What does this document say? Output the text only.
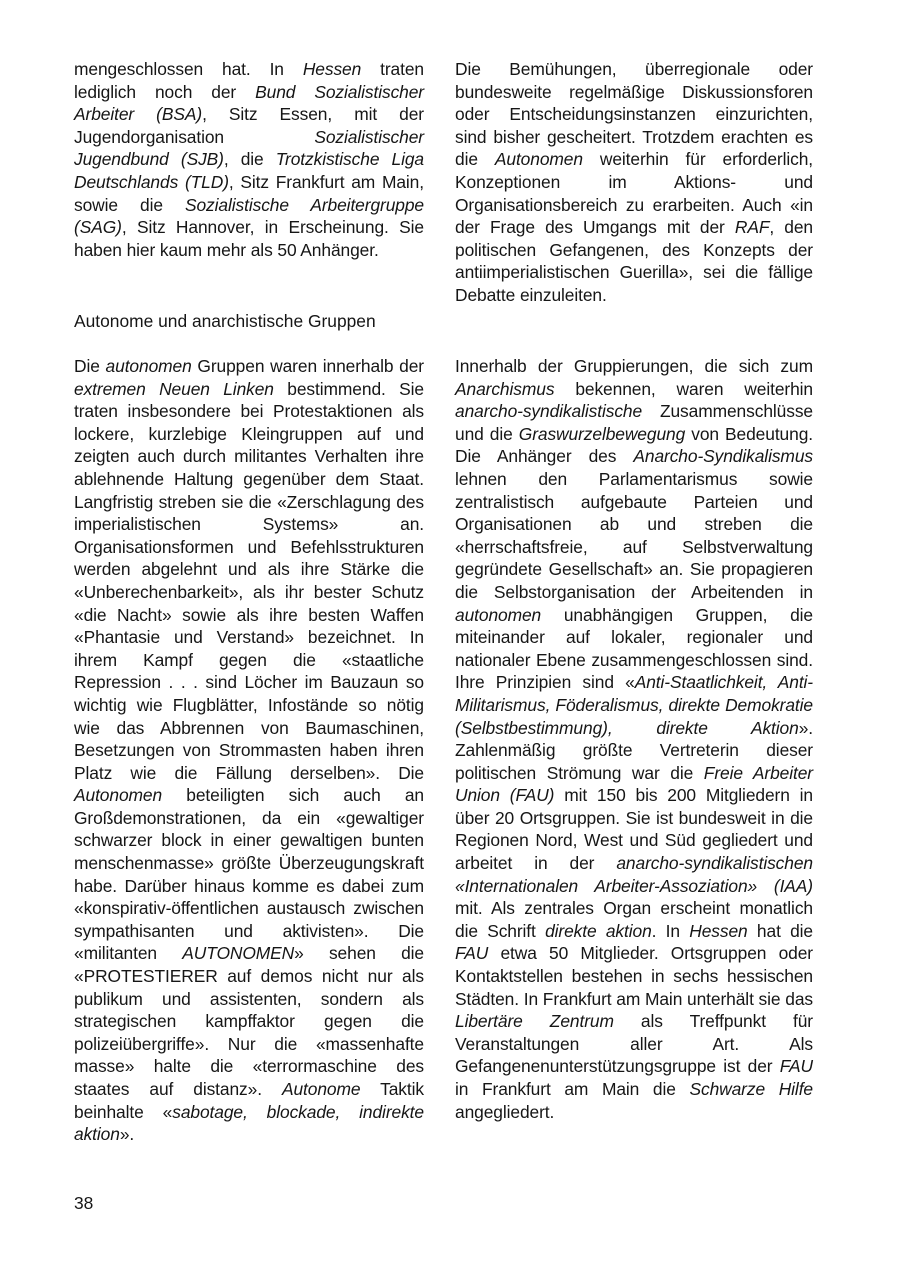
mengeschlossen hat. In Hessen traten lediglich noch der Bund Sozialistischer Arbeiter (BSA), Sitz Essen, mit der Jugendorganisation Sozialistischer Jugendbund (SJB), die Trotzkistische Liga Deutschlands (TLD), Sitz Frankfurt am Main, sowie die Sozialistische Arbeitergruppe (SAG), Sitz Hannover, in Erscheinung. Sie haben hier kaum mehr als 50 Anhänger.
Die Bemühungen, überregionale oder bundesweite regelmäßige Diskussionsforen oder Entscheidungsinstanzen einzurichten, sind bisher gescheitert. Trotzdem erachten es die Autonomen weiterhin für erforderlich, Konzeptionen im Aktions- und Organisationsbereich zu erarbeiten. Auch «in der Frage des Umgangs mit der RAF, den politischen Gefangenen, des Konzepts der antiimperialistischen Guerilla», sei die fällige Debatte einzuleiten.
Autonome und anarchistische Gruppen
Die autonomen Gruppen waren innerhalb der extremen Neuen Linken bestimmend. Sie traten insbesondere bei Protestaktionen als lockere, kurzlebige Kleingruppen auf und zeigten auch durch militantes Verhalten ihre ablehnende Haltung gegenüber dem Staat. Langfristig streben sie die «Zerschlagung des imperialistischen Systems» an. Organisationsformen und Befehlsstrukturen werden abgelehnt und als ihre Stärke die «Unberechenbarkeit», als ihr bester Schutz «die Nacht» sowie als ihre besten Waffen «Phantasie und Verstand» bezeichnet. In ihrem Kampf gegen die «staatliche Repression . . . sind Löcher im Bauzaun so wichtig wie Flugblätter, Infostände so nötig wie das Abbrennen von Baumaschinen, Besetzungen von Strommasten haben ihren Platz wie die Fällung derselben». Die Autonomen beteiligten sich auch an Großdemonstrationen, da ein «gewaltiger schwarzer block in einer gewaltigen bunten menschenmasse» größte Überzeugungskraft habe. Darüber hinaus komme es dabei zum «konspirativ-öffentlichen austausch zwischen sympathisanten und aktivisten». Die «militanten AUTONOMEN» sehen die «PROTESTIERER auf demos nicht nur als publikum und assistenten, sondern als strategischen kampffaktor gegen die polizeiübergriffe». Nur die «massenhafte masse» halte die «terrormaschine des staates auf distanz». Autonome Taktik beinhalte «sabotage, blockade, indirekte aktion».
Innerhalb der Gruppierungen, die sich zum Anarchismus bekennen, waren weiterhin anarcho-syndikalistische Zusammenschlüsse und die Graswurzelbewegung von Bedeutung. Die Anhänger des Anarcho-Syndikalismus lehnen den Parlamentarismus sowie zentralistisch aufgebaute Parteien und Organisationen ab und streben die «herrschaftsfreie, auf Selbstverwaltung gegründete Gesellschaft» an. Sie propagieren die Selbstorganisation der Arbeitenden in autonomen unabhängigen Gruppen, die miteinander auf lokaler, regionaler und nationaler Ebene zusammengeschlossen sind. Ihre Prinzipien sind «Anti-Staatlichkeit, Anti-Militarismus, Föderalismus, direkte Demokratie (Selbstbestimmung), direkte Aktion». Zahlenmäßig größte Vertreterin dieser politischen Strömung war die Freie Arbeiter Union (FAU) mit 150 bis 200 Mitgliedern in über 20 Ortsgruppen. Sie ist bundesweit in die Regionen Nord, West und Süd gegliedert und arbeitet in der anarcho-syndikalistischen «Internationalen Arbeiter-Assoziation» (IAA) mit. Als zentrales Organ erscheint monatlich die Schrift direkte aktion. In Hessen hat die FAU etwa 50 Mitglieder. Ortsgruppen oder Kontaktstellen bestehen in sechs hessischen Städten. In Frankfurt am Main unterhält sie das Libertäre Zentrum als Treffpunkt für Veranstaltungen aller Art. Als Gefangenenunterstützungsgruppe ist der FAU in Frankfurt am Main die Schwarze Hilfe angegliedert.
38
